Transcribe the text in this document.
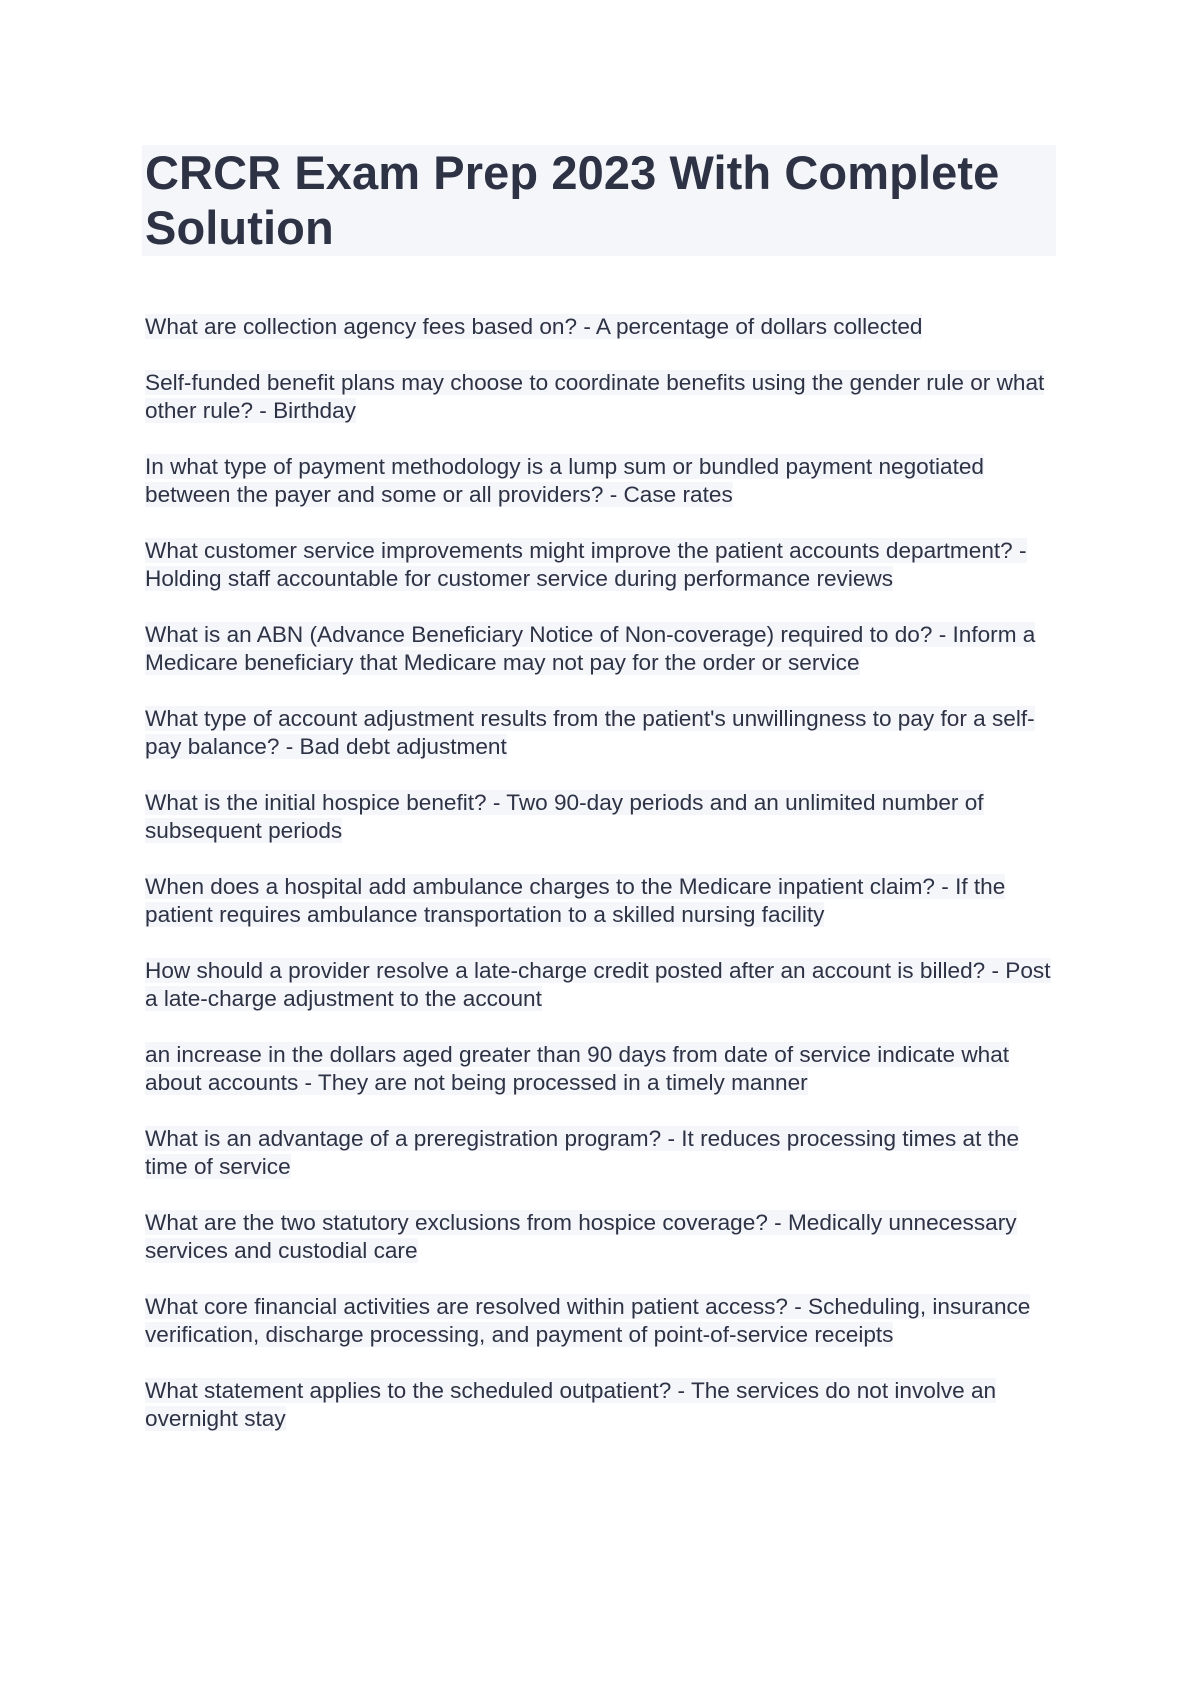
CRCR Exam Prep 2023 With Complete Solution
What are collection agency fees based on? - A percentage of dollars collected
Self-funded benefit plans may choose to coordinate benefits using the gender rule or what other rule? - Birthday
In what type of payment methodology is a lump sum or bundled payment negotiated between the payer and some or all providers? - Case rates
What customer service improvements might improve the patient accounts department? - Holding staff accountable for customer service during performance reviews
What is an ABN (Advance Beneficiary Notice of Non-coverage) required to do? - Inform a Medicare beneficiary that Medicare may not pay for the order or service
What type of account adjustment results from the patient's unwillingness to pay for a self-pay balance? - Bad debt adjustment
What is the initial hospice benefit? - Two 90-day periods and an unlimited number of subsequent periods
When does a hospital add ambulance charges to the Medicare inpatient claim? - If the patient requires ambulance transportation to a skilled nursing facility
How should a provider resolve a late-charge credit posted after an account is billed? - Post a late-charge adjustment to the account
an increase in the dollars aged greater than 90 days from date of service indicate what about accounts - They are not being processed in a timely manner
What is an advantage of a preregistration program? - It reduces processing times at the time of service
What are the two statutory exclusions from hospice coverage? - Medically unnecessary services and custodial care
What core financial activities are resolved within patient access? - Scheduling, insurance verification, discharge processing, and payment of point-of-service receipts
What statement applies to the scheduled outpatient? - The services do not involve an overnight stay
